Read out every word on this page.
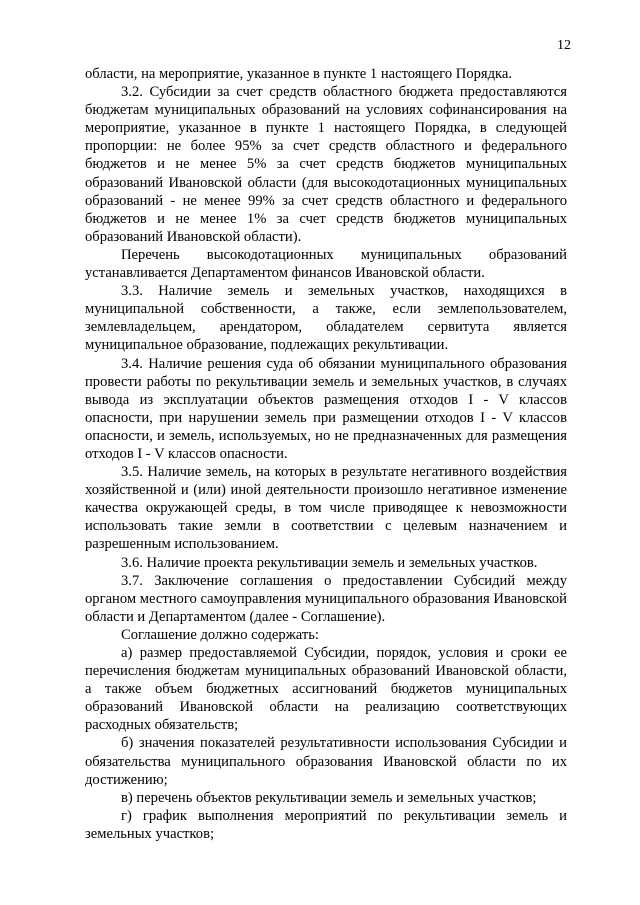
12

области, на мероприятие, указанное в пункте 1 настоящего Порядка.

3.2. Субсидии за счет средств областного бюджета предоставляются бюджетам муниципальных образований на условиях софинансирования на мероприятие, указанное в пункте 1 настоящего Порядка, в следующей пропорции: не более 95% за счет средств областного и федерального бюджетов и не менее 5% за счет средств бюджетов муниципальных образований Ивановской области (для высокодотационных муниципальных образований - не менее 99% за счет средств областного и федерального бюджетов и не менее 1% за счет средств бюджетов муниципальных образований Ивановской области).

Перечень высокодотационных муниципальных образований устанавливается Департаментом финансов Ивановской области.

3.3. Наличие земель и земельных участков, находящихся в муниципальной собственности, а также, если землепользователем, землевладельцем, арендатором, обладателем сервитута является муниципальное образование, подлежащих рекультивации.

3.4. Наличие решения суда об обязании муниципального образования провести работы по рекультивации земель и земельных участков, в случаях вывода из эксплуатации объектов размещения отходов I - V классов опасности, при нарушении земель при размещении отходов I - V классов опасности, и земель, используемых, но не предназначенных для размещения отходов I - V классов опасности.

3.5. Наличие земель, на которых в результате негативного воздействия хозяйственной и (или) иной деятельности произошло негативное изменение качества окружающей среды, в том числе приводящее к невозможности использовать такие земли в соответствии с целевым назначением и разрешенным использованием.

3.6. Наличие проекта рекультивации земель и земельных участков.

3.7. Заключение соглашения о предоставлении Субсидий между органом местного самоуправления муниципального образования Ивановской области и Департаментом (далее - Соглашение).

Соглашение должно содержать:

а) размер предоставляемой Субсидии, порядок, условия и сроки ее перечисления бюджетам муниципальных образований Ивановской области, а также объем бюджетных ассигнований бюджетов муниципальных образований Ивановской области на реализацию соответствующих расходных обязательств;

б) значения показателей результативности использования Субсидии и обязательства муниципального образования Ивановской области по их достижению;

в) перечень объектов рекультивации земель и земельных участков;

г) график выполнения мероприятий по рекультивации земель и земельных участков;
